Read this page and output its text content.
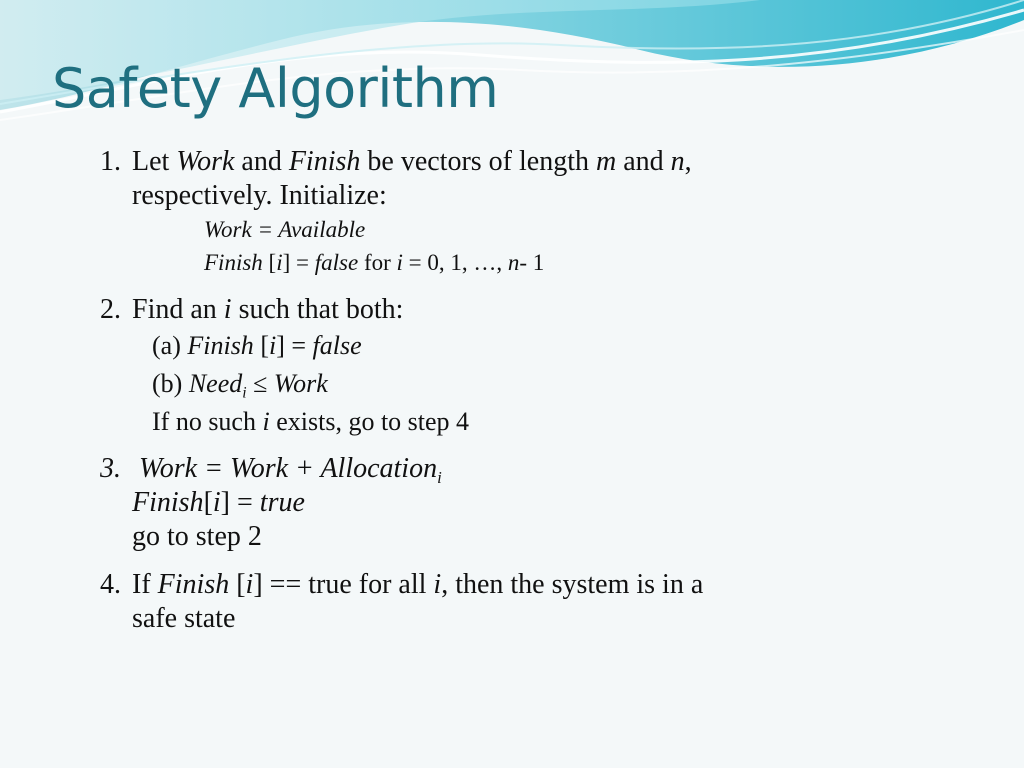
Safety Algorithm
1. Let Work and Finish be vectors of length m and n,
respectively. Initialize:
Work = Available
Finish [i] = false for i = 0, 1, …, n- 1
2. Find an i such that both:
(a) Finish [i] = false
(b) Need$_i$ ≤ Work
If no such i exists, go to step 4
3. Work = Work + Allocation$_i$
Finish[i] = true
go to step 2
4. If Finish [i] == true for all i, then the system is in a
safe state
